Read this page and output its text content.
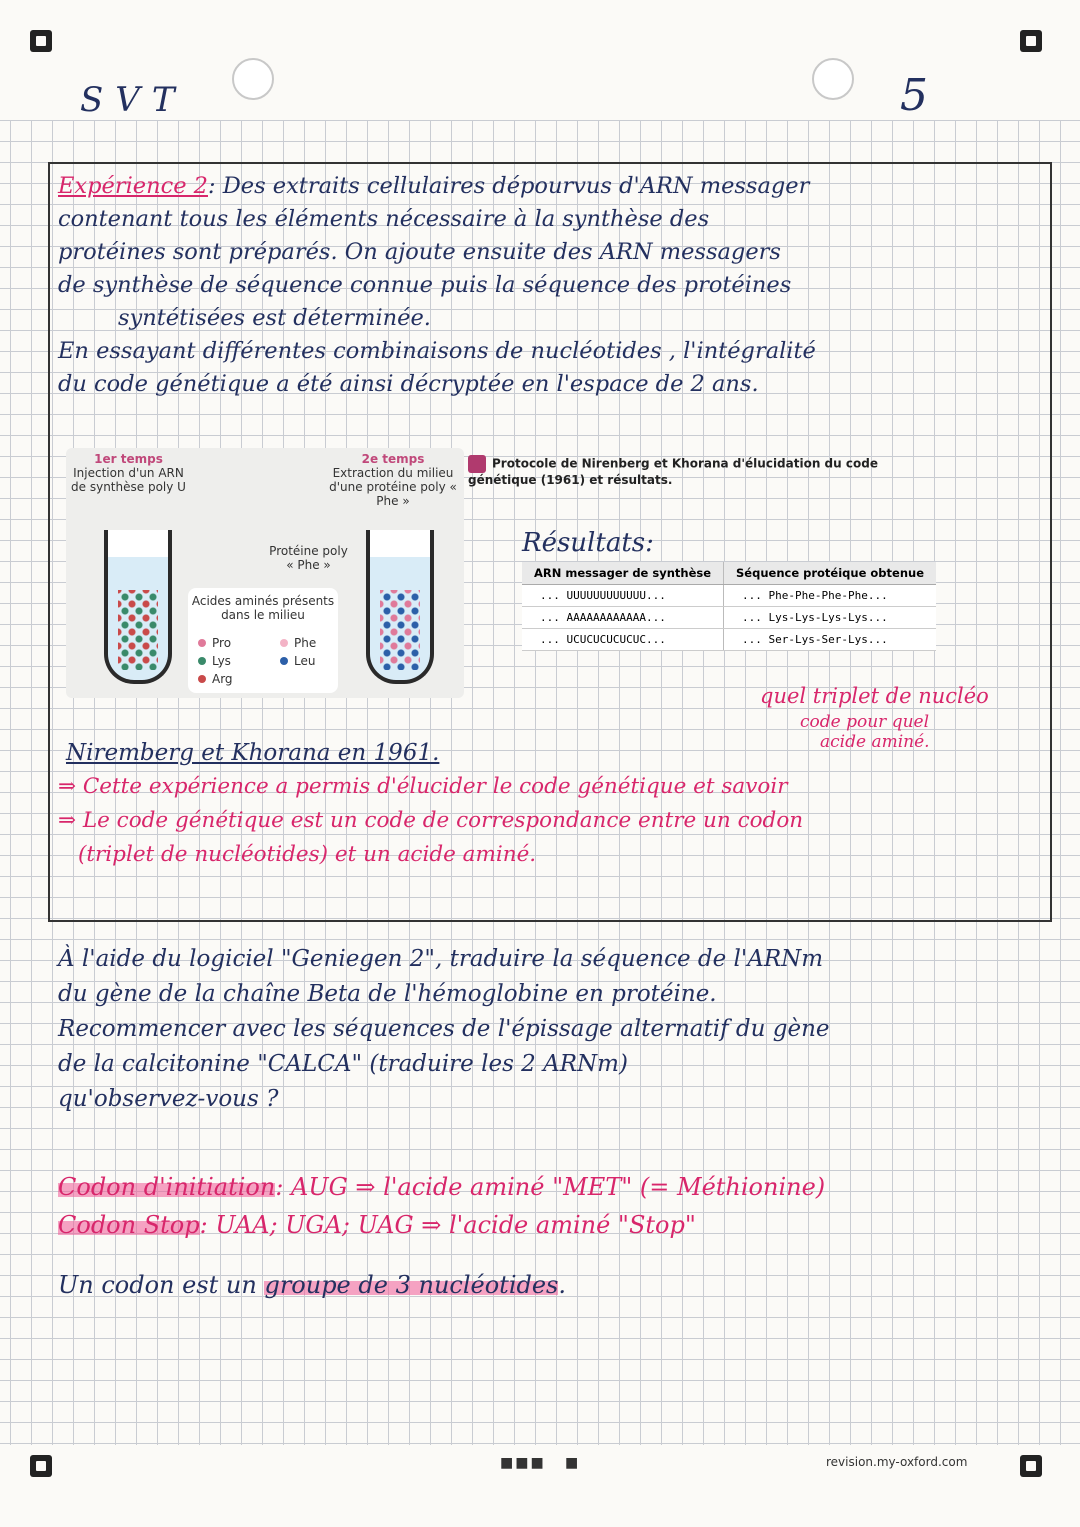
SVT	5
Expérience 2: Des extraits cellulaires dépourvus d'ARN messager
contenant tous les éléments nécessaire à la synthèse des
protéines sont préparés. On ajoute ensuite des ARN messagers
de synthèse de séquence connue puis la séquence des protéines
syntétisées est déterminée.
En essayant différentes combinaisons de nucléotides , l'intégralité
du code génétique a été ainsi décryptée en l'espace de 2 ans.
1er temps
Injection d'un ARN de synthèse poly U
2e temps
Extraction du milieu d'une protéine poly « Phe »
Protéine poly « Phe »
Acides aminés présents dans le milieu
Pro	Phe
Lys	Leu
Arg
Protocole de Nirenberg et Khorana d'élucidation du code génétique (1961) et résultats.
Résultats:
ARN messager de synthèse	Séquence protéique obtenue
... UUUUUUUUUUUU...	... Phe-Phe-Phe-Phe...
... AAAAAAAAAAAA...	... Lys-Lys-Lys-Lys...
... UCUCUCUCUCUC...	... Ser-Lys-Ser-Lys...
quel triplet de nucléo
code pour quel
acide aminé.
Niremberg et Khorana en 1961.
⇒ Cette expérience a permis d'élucider le code génétique et savoir
⇒ Le code génétique est un code de correspondance entre un codon
(triplet de nucléotides) et un acide aminé.
À l'aide du logiciel "Geniegen 2", traduire la séquence de l'ARNm
du gène de la chaîne Beta de l'hémoglobine en protéine.
Recommencer avec les séquences de l'épissage alternatif du gène
de la calcitonine "CALCA" (traduire les 2 ARNm)
qu'observez-vous ?
Codon d'initiation: AUG ⇒ l'acide aminé "MET" (= Méthionine)
Codon Stop: UAA; UGA; UAG ⇒ l'acide aminé "Stop"
Un codon est un groupe de 3 nucléotides.
■■■   ■	revision.my-oxford.com
